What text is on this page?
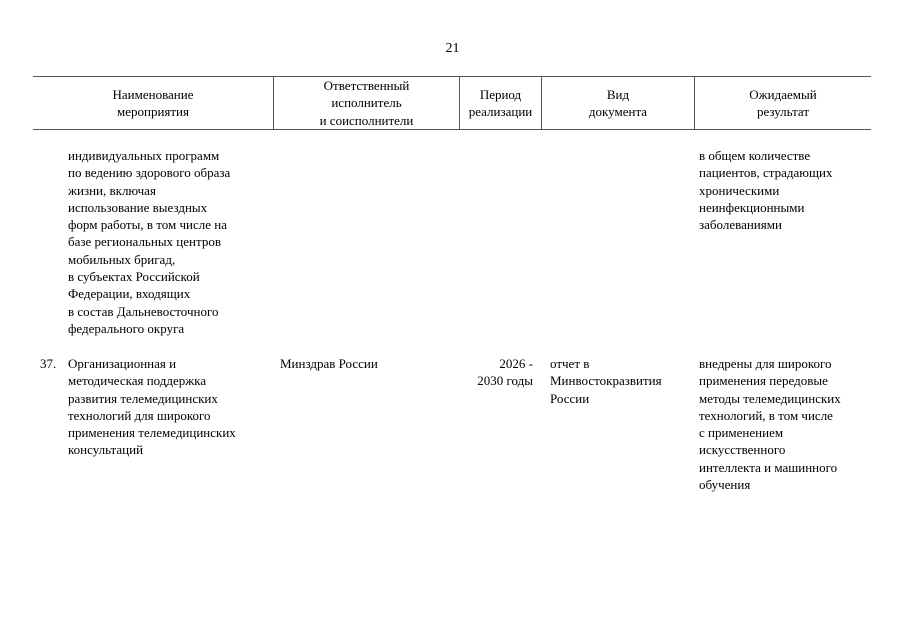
21
Наименование
мероприятия
Ответственный
исполнитель
и соисполнители
Период
реализации
Вид
документа
Ожидаемый
результат
индивидуальных программ
по ведению здорового образа
жизни, включая
использование выездных
форм работы, в том числе на
базе региональных центров
мобильных бригад,
в субъектах Российской
Федерации, входящих
в состав Дальневосточного
федерального округа
в общем количестве
пациентов, страдающих
хроническими
неинфекционными
заболеваниями
37. Организационная и
методическая поддержка
развития телемедицинских
технологий для широкого
применения телемедицинских
консультаций
Минздрав России	2026 -
2030 годы
отчет в
Минвостокразвития
России
внедрены для широкого
применения передовые
методы телемедицинских
технологий, в том числе
с применением
искусственного
интеллекта и машинного
обучения
